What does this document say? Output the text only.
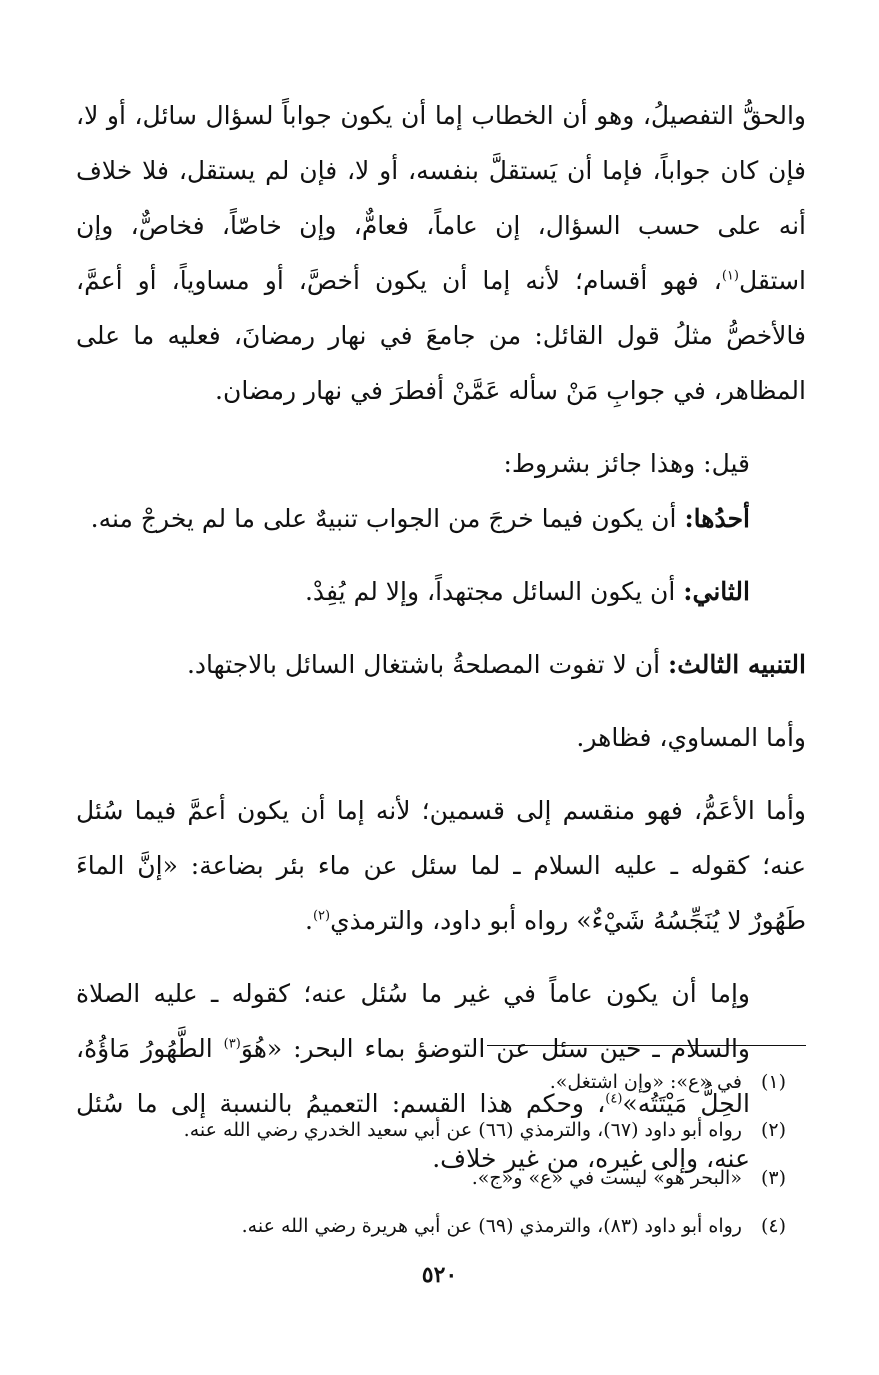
والحقُّ التفصيلُ، وهو أن الخطاب إما أن يكون جواباً لسؤال سائل، أو لا، فإن كان جواباً، فإما أن يَستقلَّ بنفسه، أو لا، فإن لم يستقل، فلا خلاف أنه على حسب السؤال، إن عاماً، فعامٌّ، وإن خاصّاً، فخاصٌّ، وإن استقل$^{(١)}$، فهو أقسام؛ لأنه إما أن يكون أخصَّ، أو مساوياً، أو أعمَّ، فالأخصُّ مثلُ قول القائل: من جامعَ في نهار رمضانَ، فعليه ما على المظاهر، في جوابِ مَنْ سأله عَمَّنْ أفطرَ في نهار رمضان.

قيل: وهذا جائز بشروط:

أحدُها: أن يكون فيما خرجَ من الجواب تنبيهٌ على ما لم يخرجْ منه.

الثاني: أن يكون السائل مجتهداً، وإلا لم يُفِدْ.

التنبيه الثالث: أن لا تفوت المصلحةُ باشتغال السائل بالاجتهاد.

وأما المساوي، فظاهر.

وأما الأعَمُّ، فهو منقسم إلى قسمين؛ لأنه إما أن يكون أعمَّ فيما سُئل عنه؛ كقوله ـ عليه السلام ـ لما سئل عن ماء بئر بضاعة: «إنَّ الماءَ طَهُورٌ لا يُنَجِّسُهُ شَيْءٌ» رواه أبو داود، والترمذي$^{(٢)}$.

وإما أن يكون عاماً في غير ما سُئل عنه؛ كقوله ـ عليه الصلاة والسلام ـ حين سئل عن التوضؤ بماء البحر: «هُوَ$^{(٣)}$ الطَّهُورُ مَاؤُهُ، الحِلُّ مَيْتَتُه»$^{(٤)}$، وحكم هذا القسم: التعميمُ بالنسبة إلى ما سُئل عنه، وإلى غيره، من غير خلاف.

(١) في «ع»: «وإن اشتغل».

(٢) رواه أبو داود (٦٧)، والترمذي (٦٦) عن أبي سعيد الخدري رضي الله عنه.

(٣) «البحر هو» ليست في «ع» و«ج».

(٤) رواه أبو داود (٨٣)، والترمذي (٦٩) عن أبي هريرة رضي الله عنه.

٥٢٠
